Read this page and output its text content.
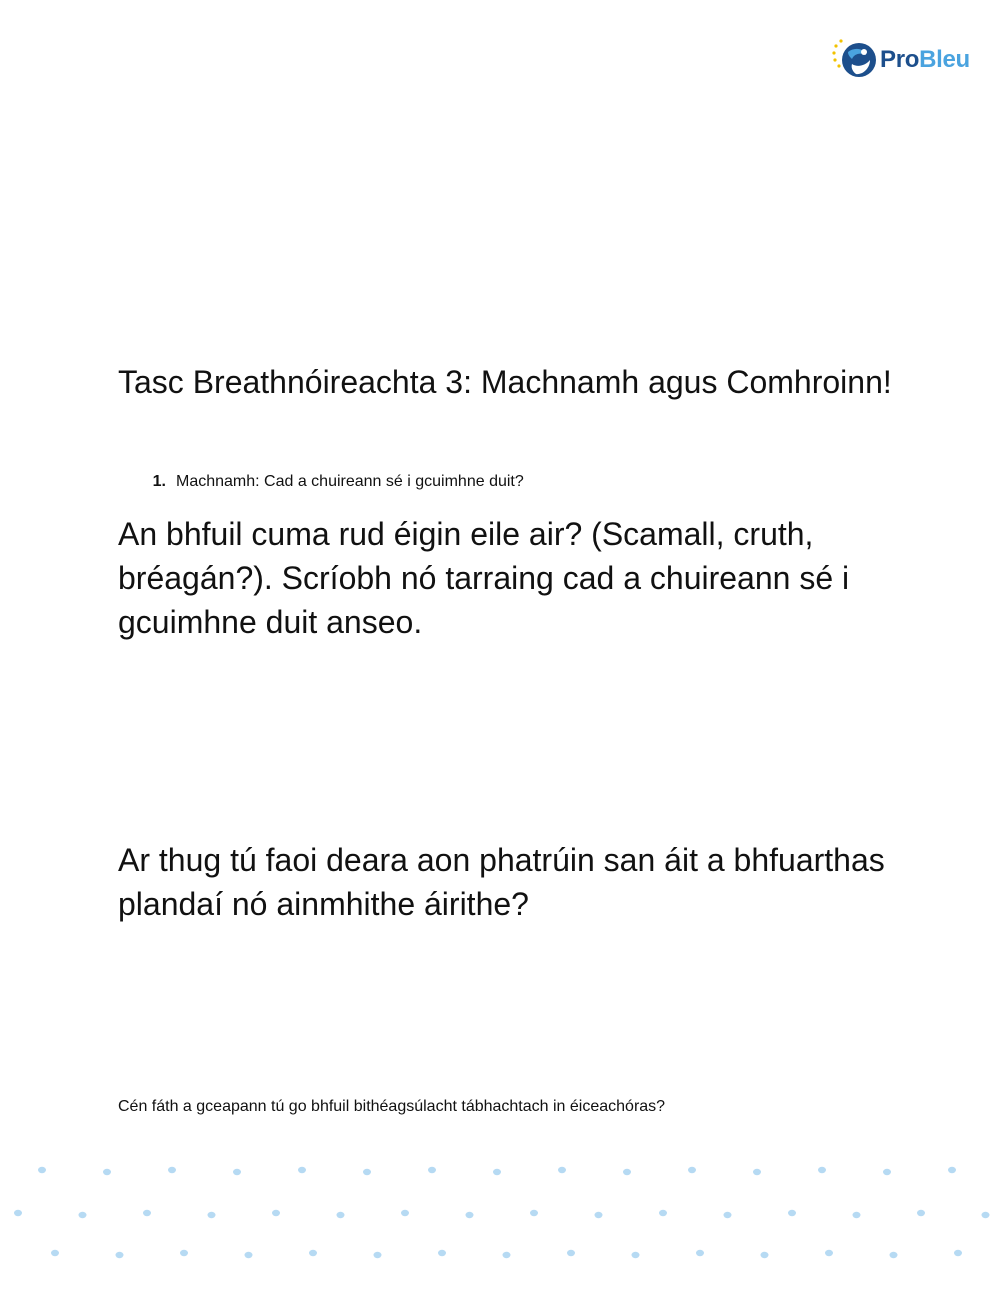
ProBleu
Tasc Breathnóireachta 3: Machnamh agus Comhroinn!
1. Machnamh: Cad a chuireann sé i gcuimhne duit?

An bhfuil cuma rud éigin eile air? (Scamall, cruth, bréagán?). Scríobh nó tarraing cad a chuireann sé i gcuimhne duit anseo.

Ar thug tú faoi deara aon phatrúin san áit a bhfuarthas plandaí nó ainmhithe áirithe?

Cén fáth a gceapann tú go bhfuil bithéagsúlacht tábhachtach in éiceachóras?
